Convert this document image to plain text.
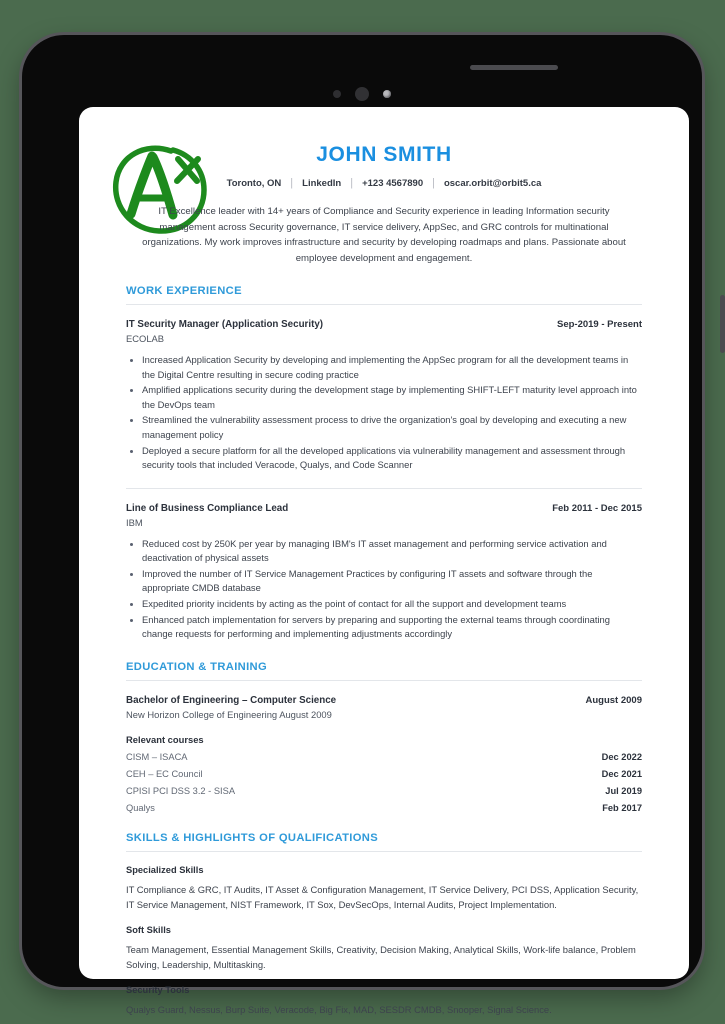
JOHN SMITH
Toronto, ON | LinkedIn | +123 4567890 | oscar.orbit@orbit5.ca

IT Excellence leader with 14+ years of Compliance and Security experience in leading Information security management across Security governance, IT service delivery, AppSec, and GRC controls for multinational organizations. My work improves infrastructure and security by developing roadmaps and plans. Passionate about employee development and engagement.

WORK EXPERIENCE
IT Security Manager (Application Security)	Sep-2019 - Present
ECOLAB
• Increased Application Security by developing and implementing the AppSec program for all the development teams in the Digital Centre resulting in secure coding practice
• Amplified applications security during the development stage by implementing SHIFT-LEFT maturity level approach into the DevOps team
• Streamlined the vulnerability assessment process to drive the organization's goal by developing and executing a new management policy
• Deployed a secure platform for all the developed applications via vulnerability management and assessment through security tools that included Veracode, Qualys, and Code Scanner
Line of Business Compliance Lead	Feb 2011 - Dec 2015
IBM
• Reduced cost by 250K per year by managing IBM's IT asset management and performing service activation and deactivation of physical assets
• Improved the number of IT Service Management Practices by configuring IT assets and software through the appropriate CMDB database
• Expedited priority incidents by acting as the point of contact for all the support and development teams
• Enhanced patch implementation for servers by preparing and supporting the external teams through coordinating change requests for performing and implementing adjustments accordingly
EDUCATION & TRAINING
Bachelor of Engineering – Computer Science	August 2009
New Horizon College of Engineering August 2009
Relevant courses
CISM – ISACA	Dec 2022
CEH – EC Council	Dec 2021
CPISI PCI DSS 3.2 - SISA	Jul 2019
Qualys	Feb 2017
SKILLS & HIGHLIGHTS OF QUALIFICATIONS
Specialized Skills
IT Compliance & GRC, IT Audits, IT Asset & Configuration Management, IT Service Delivery, PCI DSS, Application Security, IT Service Management, NIST Framework, IT Sox, DevSecOps, Internal Audits, Project Implementation.
Soft Skills
Team Management, Essential Management Skills, Creativity, Decision Making, Analytical Skills, Work-life balance, Problem Solving, Leadership, Multitasking.
Security Tools
Qualys Guard, Nessus, Burp Suite, Veracode, Big Fix, MAD, SESDR CMDB, Snooper, Signal Science.
